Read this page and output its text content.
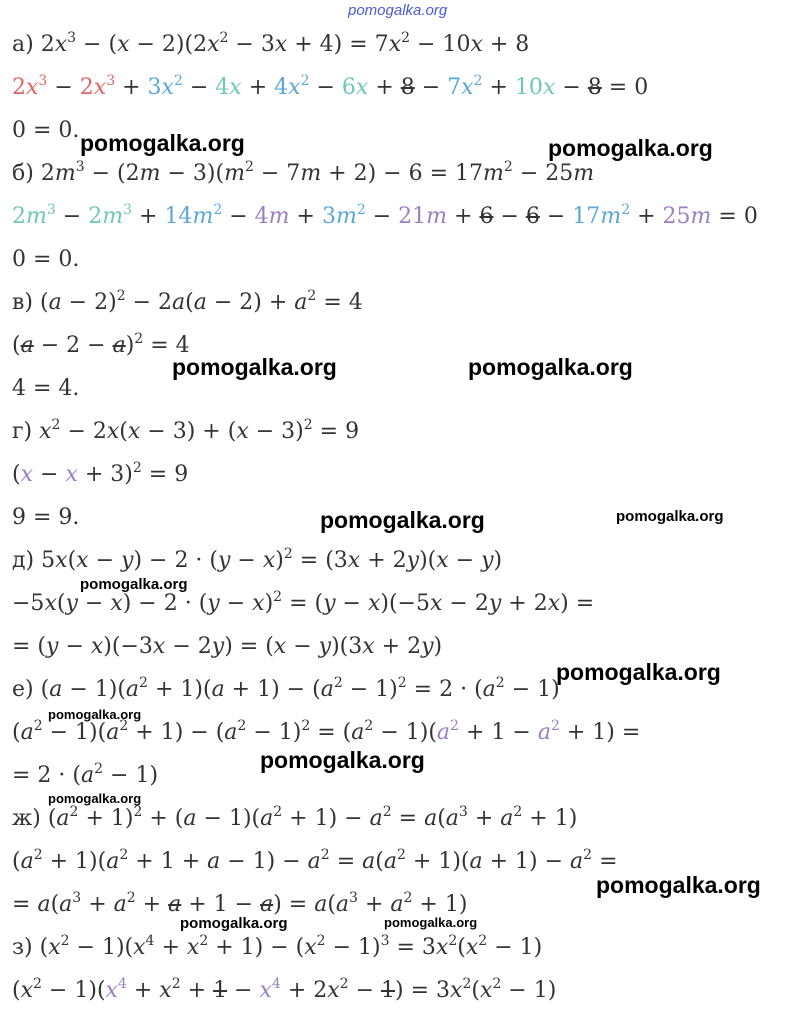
pomogalka.org
а) $2x^3 - (x - 2)(2x^2 - 3x + 4) = 7x^2 - 10x + 8$
$2x^3 - 2x^3 + 3x^2 - 4x + 4x^2 - 6x + 8 - 7x^2 + 10x - 8 = 0$
0 = 0.
б) $2m^3 - (2m - 3)(m^2 - 7m + 2) - 6 = 17m^2 - 25m$
$2m^3 - 2m^3 + 14m^2 - 4m + 3m^2 - 21m + 6 - 6 - 17m^2 + 25m = 0$
0 = 0.
в) $(a - 2)^2 - 2a(a - 2) + a^2 = 4$
$(a - 2 - a)^2 = 4$
4 = 4.
г) $x^2 - 2x(x - 3) + (x - 3)^2 = 9$
$(x - x + 3)^2 = 9$
9 = 9.
д) $5x(x - y) - 2 \cdot (y - x)^2 = (3x + 2y)(x - y)$
$-5x(y - x) - 2 \cdot (y - x)^2 = (y - x)(-5x - 2y + 2x)$ =
= (y − x)(−3x − 2y) = (x − y)(3x + 2y)
е) $(a - 1)(a^2 + 1)(a + 1) - (a^2 - 1)^2 = 2 \cdot (a^2 - 1)$
$(a^2 - 1)(a^2 + 1) - (a^2 - 1)^2 = (a^2 - 1)(a^2 + 1 - a^2 + 1)$ =
= $2 \cdot (a^2 - 1)$
ж) $(a^2 + 1)^2 + (a - 1)(a^2 + 1) - a^2 = a(a^3 + a^2 + 1)$
$(a^2 + 1)(a^2 + 1 + a - 1) - a^2 = a(a^2 + 1)(a + 1) - a^2$ =
= $a(a^3 + a^2 + a + 1 - a) = a(a^3 + a^2 + 1)$
з) $(x^2 - 1)(x^4 + x^2 + 1) - (x^2 - 1)^3 = 3x^2(x^2 - 1)$
$(x^2 - 1)(x^4 + x^2 + 1 - x^4 + 2x^2 - 1) = 3x^2(x^2 - 1)$
pomogalka.org	pomogalka.org
pomogalka.org	pomogalka.org
pomogalka.org	pomogalka.org
pomogalka.org
pomogalka.org
pomogalka.org
pomogalka.org
pomogalka.org
pomogalka.org
pomogalka.org	pomogalka.org
